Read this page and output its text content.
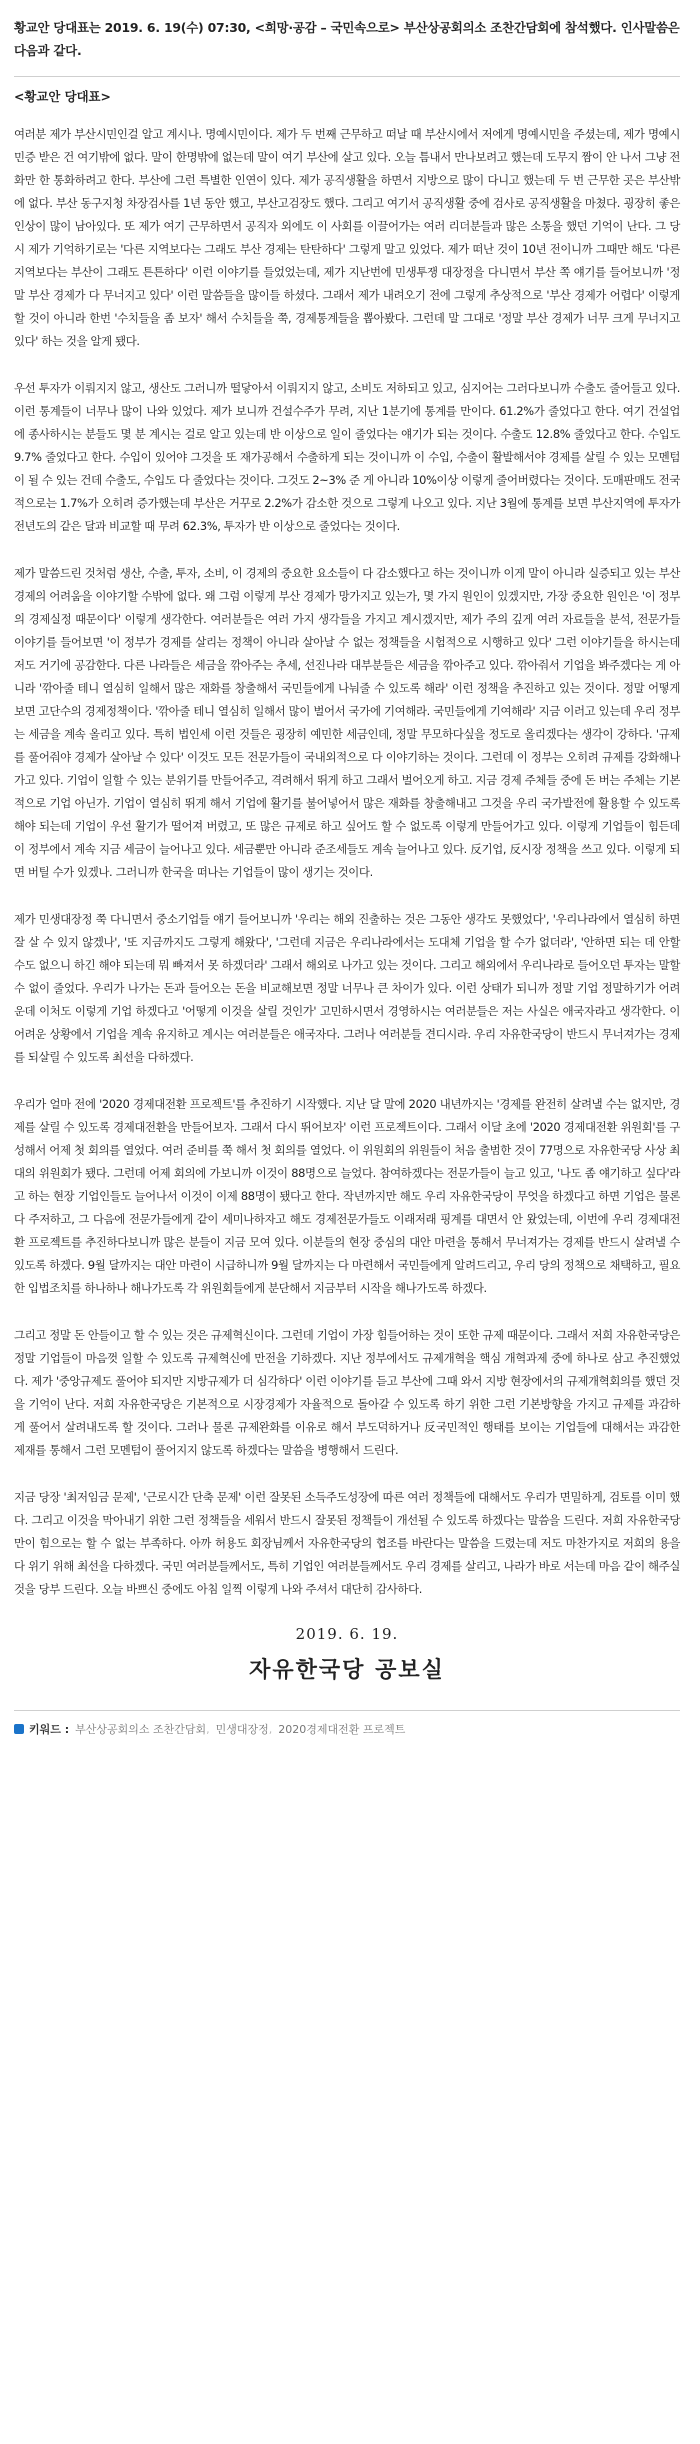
황교안 당대표는 2019. 6. 19(수) 07:30, <희망·공감 – 국민속으로> 부산상공회의소 조찬간담회에 참석했다. 인사말씀은 다음과 같다.

<황교안 당대표>

여러분 제가 부산시민인걸 알고 계시나. 명예시민이다. 제가 두 번째 근무하고 떠날 때 부산시에서 저에게 명예시민을 주셨는데, 제가 명예시민증 받은 건 여기밖에 없다. 말이 한명밖에 없는데 말이 여기 부산에 살고 있다. 오늘 틈내서 만나보려고 했는데 도무지 짬이 안 나서 그냥 전화만 한 통화하려고 한다. 부산에 그런 특별한 인연이 있다. 제가 공직생활을 하면서 지방으로 많이 다니고 했는데 두 번 근무한 곳은 부산밖에 없다. 부산 동구지청 차장검사를 1년 동안 했고, 부산고검장도 했다. 그리고 여기서 공직생활 중에 검사로 공직생활을 마쳤다. 굉장히 좋은 인상이 많이 남아있다. 또 제가 여기 근무하면서 공직자 외에도 이 사회를 이끌어가는 여러 리더분들과 많은 소통을 했던 기억이 난다. 그 당시 제가 기억하기로는 '다른 지역보다는 그래도 부산 경제는 탄탄하다' 그렇게 말고 있었다. 제가 떠난 것이 10년 전이니까 그때만 해도 '다른 지역보다는 부산이 그래도 튼튼하다' 이런 이야기를 들었었는데, 제가 지난번에 민생투쟁 대장정을 다니면서 부산 쪽 얘기를 들어보니까 '정말 부산 경제가 다 무너지고 있다' 이런 말씀들을 많이들 하셨다. 그래서 제가 내려오기 전에 그렇게 추상적으로 '부산 경제가 어렵다' 이렇게 할 것이 아니라 한번 '수치들을 좀 보자' 해서 수치들을 쭉, 경제통계들을 뽑아봤다. 그런데 말 그대로 '정말 부산 경제가 너무 크게 무너지고 있다' 하는 것을 알게 됐다.

우선 투자가 이뤄지지 않고, 생산도 그러니까 떨닿아서 이뤄지지 않고, 소비도 저하되고 있고, 심지어는 그러다보니까 수출도 줄어들고 있다. 이런 통계들이 너무나 많이 나와 있었다. 제가 보니까 건설수주가 무려, 지난 1분기에 통계를 만이다. 61.2%가 줄었다고 한다. 여기 건설업에 종사하시는 분들도 몇 분 계시는 걸로 알고 있는데 반 이상으로 일이 줄었다는 얘기가 되는 것이다. 수출도 12.8% 줄었다고 한다. 수입도 9.7% 줄었다고 한다. 수입이 있어야 그것을 또 재가공해서 수출하게 되는 것이니까 이 수입, 수출이 활발해서야 경제를 살릴 수 있는 모멘텀이 될 수 있는 건데 수출도, 수입도 다 줄었다는 것이다. 그것도 2~3% 준 게 아니라 10%이상 이렇게 줄어버렸다는 것이다. 도매판매도 전국적으로는 1.7%가 오히려 증가했는데 부산은 거꾸로 2.2%가 감소한 것으로 그렇게 나오고 있다. 지난 3월에 통계를 보면 부산지역에 투자가 전년도의 같은 달과 비교할 때 무려 62.3%, 투자가 반 이상으로 줄었다는 것이다.

제가 말씀드린 것처럼 생산, 수출, 투자, 소비, 이 경제의 중요한 요소들이 다 감소했다고 하는 것이니까 이게 말이 아니라 실증되고 있는 부산 경제의 어려움을 이야기할 수밖에 없다. 왜 그럼 이렇게 부산 경제가 망가지고 있는가, 몇 가지 원인이 있겠지만, 가장 중요한 원인은 '이 정부의 경제실정 때문이다' 이렇게 생각한다. 여러분들은 여러 가지 생각들을 가지고 계시겠지만, 제가 주의 깊게 여러 자료들을 분석, 전문가들 이야기를 들어보면 '이 정부가 경제를 살리는 정책이 아니라 살아날 수 없는 정책들을 시험적으로 시행하고 있다' 그런 이야기들을 하시는데 저도 거기에 공감한다. 다른 나라들은 세금을 깎아주는 추세, 선진나라 대부분들은 세금을 깎아주고 있다. 깎아줘서 기업을 봐주겠다는 게 아니라 '깎아줄 테니 열심히 일해서 많은 재화를 창출해서 국민들에게 나눠줄 수 있도록 해라' 이런 정책을 추진하고 있는 것이다. 정말 어떻게 보면 고단수의 경제정책이다. '깎아줄 테니 열심히 일해서 많이 벌어서 국가에 기여해라. 국민들에게 기여해라' 지금 이러고 있는데 우리 정부는 세금을 계속 올리고 있다. 특히 법인세 이런 것들은 굉장히 예민한 세금인데, 정말 무모하다싶을 정도로 올리겠다는 생각이 강하다. '규제를 풀어줘야 경제가 살아날 수 있다' 이것도 모든 전문가들이 국내외적으로 다 이야기하는 것이다. 그런데 이 정부는 오히려 규제를 강화해나가고 있다. 기업이 일할 수 있는 분위기를 만들어주고, 격려해서 뛰게 하고 그래서 벌어오게 하고. 지금 경제 주체들 중에 돈 버는 주체는 기본적으로 기업 아닌가. 기업이 열심히 뛰게 해서 기업에 활기를 불어넣어서 많은 재화를 창출해내고 그것을 우리 국가발전에 활용할 수 있도록 해야 되는데 기업이 우선 활기가 떨어져 버렸고, 또 많은 규제로 하고 싶어도 할 수 없도록 이렇게 만들어가고 있다. 이렇게 기업들이 힘든데 이 정부에서 계속 지금 세금이 늘어나고 있다. 세금뿐만 아니라 준조세들도 계속 늘어나고 있다. 反기업, 反시장 정책을 쓰고 있다. 이렇게 되면 버틸 수가 있겠나. 그러니까 한국을 떠나는 기업들이 많이 생기는 것이다.

제가 민생대장정 쭉 다니면서 중소기업들 얘기 들어보니까 '우리는 해외 진출하는 것은 그동안 생각도 못했었다', '우리나라에서 열심히 하면 잘 살 수 있지 않겠나', '또 지금까지도 그렇게 해왔다', '그런데 지금은 우리나라에서는 도대체 기업을 할 수가 없더라', '안하면 되는 데 안할 수도 없으니 하긴 해야 되는데 뭐 빠져서 못 하겠더라' 그래서 해외로 나가고 있는 것이다. 그리고 해외에서 우리나라로 들어오던 투자는 말할 수 없이 줄었다. 우리가 나가는 돈과 들어오는 돈을 비교해보면 정말 너무나 큰 차이가 있다. 이런 상태가 되니까 정말 기업 정말하기가 어려운데 이처도 이렇게 기업 하겠다고 '어떻게 이것을 살릴 것인가' 고민하시면서 경영하시는 여러분들은 저는 사실은 애국자라고 생각한다. 이 어려운 상황에서 기업을 계속 유지하고 계시는 여러분들은 애국자다. 그러나 여러분들 견디시라. 우리 자유한국당이 반드시 무너져가는 경제를 되살릴 수 있도록 최선을 다하겠다.

우리가 얼마 전에 '2020 경제대전환 프로젝트'를 추진하기 시작했다. 지난 달 말에 2020 내년까지는 '경제를 완전히 살려낼 수는 없지만, 경제를 살릴 수 있도록 경제대전환을 만들어보자. 그래서 다시 뛰어보자' 이런 프로젝트이다. 그래서 이달 초에 '2020 경제대전환 위원회'를 구성해서 어제 첫 회의를 열었다. 여러 준비를 쭉 해서 첫 회의를 열었다. 이 위원회의 위원들이 처음 출범한 것이 77명으로 자유한국당 사상 최대의 위원회가 됐다. 그런데 어제 회의에 가보니까 이것이 88명으로 늘었다. 참여하겠다는 전문가들이 늘고 있고, '나도 좀 얘기하고 싶다'라고 하는 현장 기업인들도 늘어나서 이것이 이제 88명이 됐다고 한다. 작년까지만 해도 우리 자유한국당이 무엇을 하겠다고 하면 기업은 물론 다 주저하고, 그 다음에 전문가들에게 같이 세미나하자고 해도 경제전문가들도 이래저래 핑계를 대면서 안 왔었는데, 이번에 우리 경제대전환 프로젝트를 추진하다보니까 많은 분들이 지금 모여 있다. 이분들의 현장 중심의 대안 마련을 통해서 무너져가는 경제를 반드시 살려낼 수 있도록 하겠다. 9월 달까지는 대안 마련이 시급하니까 9월 달까지는 다 마련해서 국민들에게 알려드리고, 우리 당의 정책으로 채택하고, 필요한 입법조치를 하나하나 해나가도록 각 위원회들에게 분단해서 지금부터 시작을 해나가도록 하겠다.

그리고 정말 돈 안들이고 할 수 있는 것은 규제혁신이다. 그런데 기업이 가장 힘들어하는 것이 또한 규제 때문이다. 그래서 저희 자유한국당은 정말 기업들이 마음껏 일할 수 있도록 규제혁신에 만전을 기하겠다. 지난 정부에서도 규제개혁을 핵심 개혁과제 중에 하나로 삼고 추진했었다. 제가 '중앙규제도 풀어야 되지만 지방규제가 더 심각하다' 이런 이야기를 듣고 부산에 그때 와서 지방 현장에서의 규제개혁회의를 했던 것을 기억이 난다. 저희 자유한국당은 기본적으로 시장경제가 자율적으로 돌아갈 수 있도록 하기 위한 그런 기본방향을 가지고 규제를 과감하게 풀어서 살려내도록 할 것이다. 그러나 물론 규제완화를 이유로 해서 부도덕하거나 反국민적인 행태를 보이는 기업들에 대해서는 과감한 제재를 통해서 그런 모멘텀이 풀어지지 않도록 하겠다는 말씀을 병행해서 드린다.

지금 당장 '최저임금 문제', '근로시간 단축 문제' 이런 잘못된 소득주도성장에 따른 여러 정책들에 대해서도 우리가 면밀하게, 검토를 이미 했다. 그리고 이것을 막아내기 위한 그런 정책들을 세워서 반드시 잘못된 정책들이 개선될 수 있도록 하겠다는 말씀을 드린다. 저희 자유한국당만이 힘으로는 할 수 없는 부족하다. 아까 허용도 회장님께서 자유한국당의 협조를 바란다는 말씀을 드렸는데 저도 마찬가지로 저희의 용을 다 위기 위해 최선을 다하겠다. 국민 여러분들께서도, 특히 기업인 여러분들께서도 우리 경제를 살리고, 나라가 바로 서는데 마음 같이 해주실 것을 당부 드린다. 오늘 바쁘신 중에도 아침 일찍 이렇게 나와 주셔서 대단히 감사하다.

2019. 6. 19.
자유한국당 공보실
키워드 : 부산상공회의소 조찬간담회 , 민생대장정 , 2020경제대전환 프로젝트
